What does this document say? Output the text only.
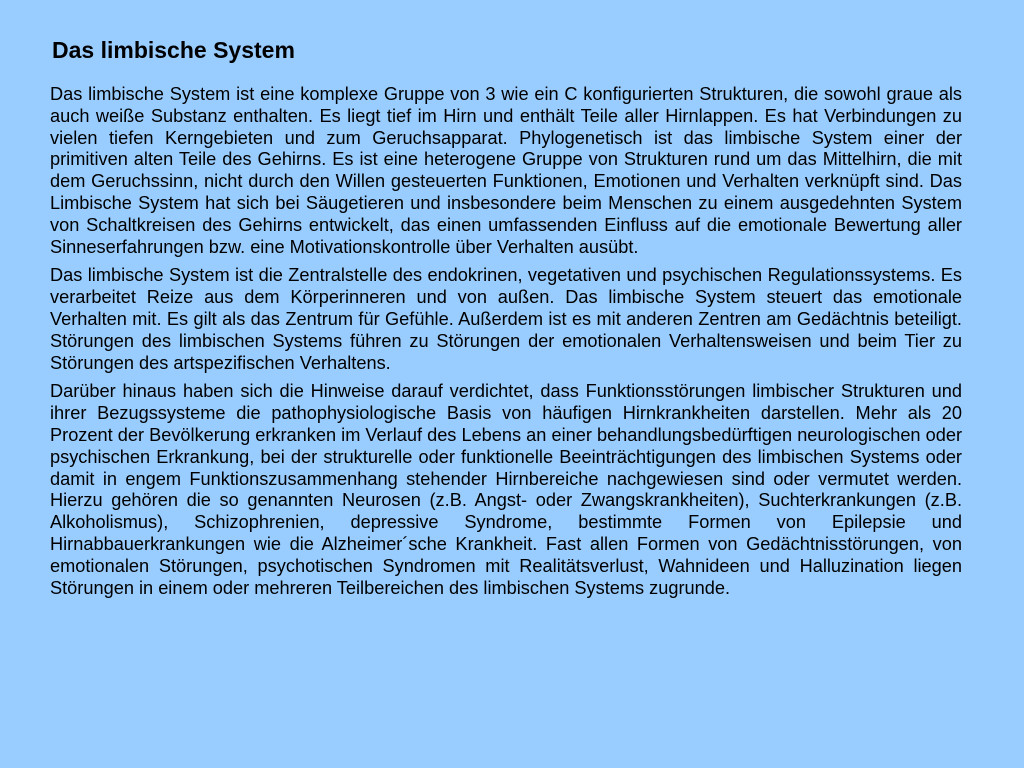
Das limbische System

Das limbische System ist eine komplexe Gruppe von 3 wie ein C konfigurierten Strukturen, die sowohl graue als auch weiße Substanz enthalten. Es liegt tief im Hirn und enthält Teile aller Hirnlappen. Es hat Verbindungen zu vielen tiefen Kerngebieten und zum Geruchsapparat. Phylogenetisch ist das limbische System einer der primitiven alten Teile des Gehirns. Es ist eine heterogene Gruppe von Strukturen rund um das Mittelhirn, die mit dem Geruchssinn, nicht durch den Willen gesteuerten Funktionen, Emotionen und Verhalten verknüpft sind. Das Limbische System hat sich bei Säugetieren und insbesondere beim Menschen zu einem ausgedehnten System von Schaltkreisen des Gehirns entwickelt, das einen umfassenden Einfluss auf die emotionale Bewertung aller Sinneserfahrungen bzw. eine Motivationskontrolle über Verhalten ausübt.

Das limbische System ist die Zentralstelle des endokrinen, vegetativen und psychischen Regulationssystems. Es verarbeitet Reize aus dem Körperinneren und von außen. Das limbische System steuert das emotionale Verhalten mit. Es gilt als das Zentrum für Gefühle. Außerdem ist es mit anderen Zentren am Gedächtnis beteiligt. Störungen des limbischen Systems führen zu Störungen der emotionalen Verhaltensweisen und beim Tier zu Störungen des artspezifischen Verhaltens.

Darüber hinaus haben sich die Hinweise darauf verdichtet, dass Funktionsstörungen limbischer Strukturen und ihrer Bezugssysteme die pathophysiologische Basis von häufigen Hirnkrankheiten darstellen. Mehr als 20 Prozent der Bevölkerung erkranken im Verlauf des Lebens an einer behandlungsbedürftigen neurologischen oder psychischen Erkrankung, bei der strukturelle oder funktionelle Beeinträchtigungen des limbischen Systems oder damit in engem Funktionszusammenhang stehender Hirnbereiche nachgewiesen sind oder vermutet werden. Hierzu gehören die so genannten Neurosen (z.B. Angst- oder Zwangskrankheiten), Suchterkrankungen (z.B. Alkoholismus), Schizophrenien, depressive Syndrome, bestimmte Formen von Epilepsie und Hirnabbauerkrankungen wie die Alzheimer´sche Krankheit. Fast allen Formen von Gedächtnisstörungen, von emotionalen Störungen, psychotischen Syndromen mit Realitätsverlust, Wahnideen und Halluzination liegen Störungen in einem oder mehreren Teilbereichen des limbischen Systems zugrunde.
